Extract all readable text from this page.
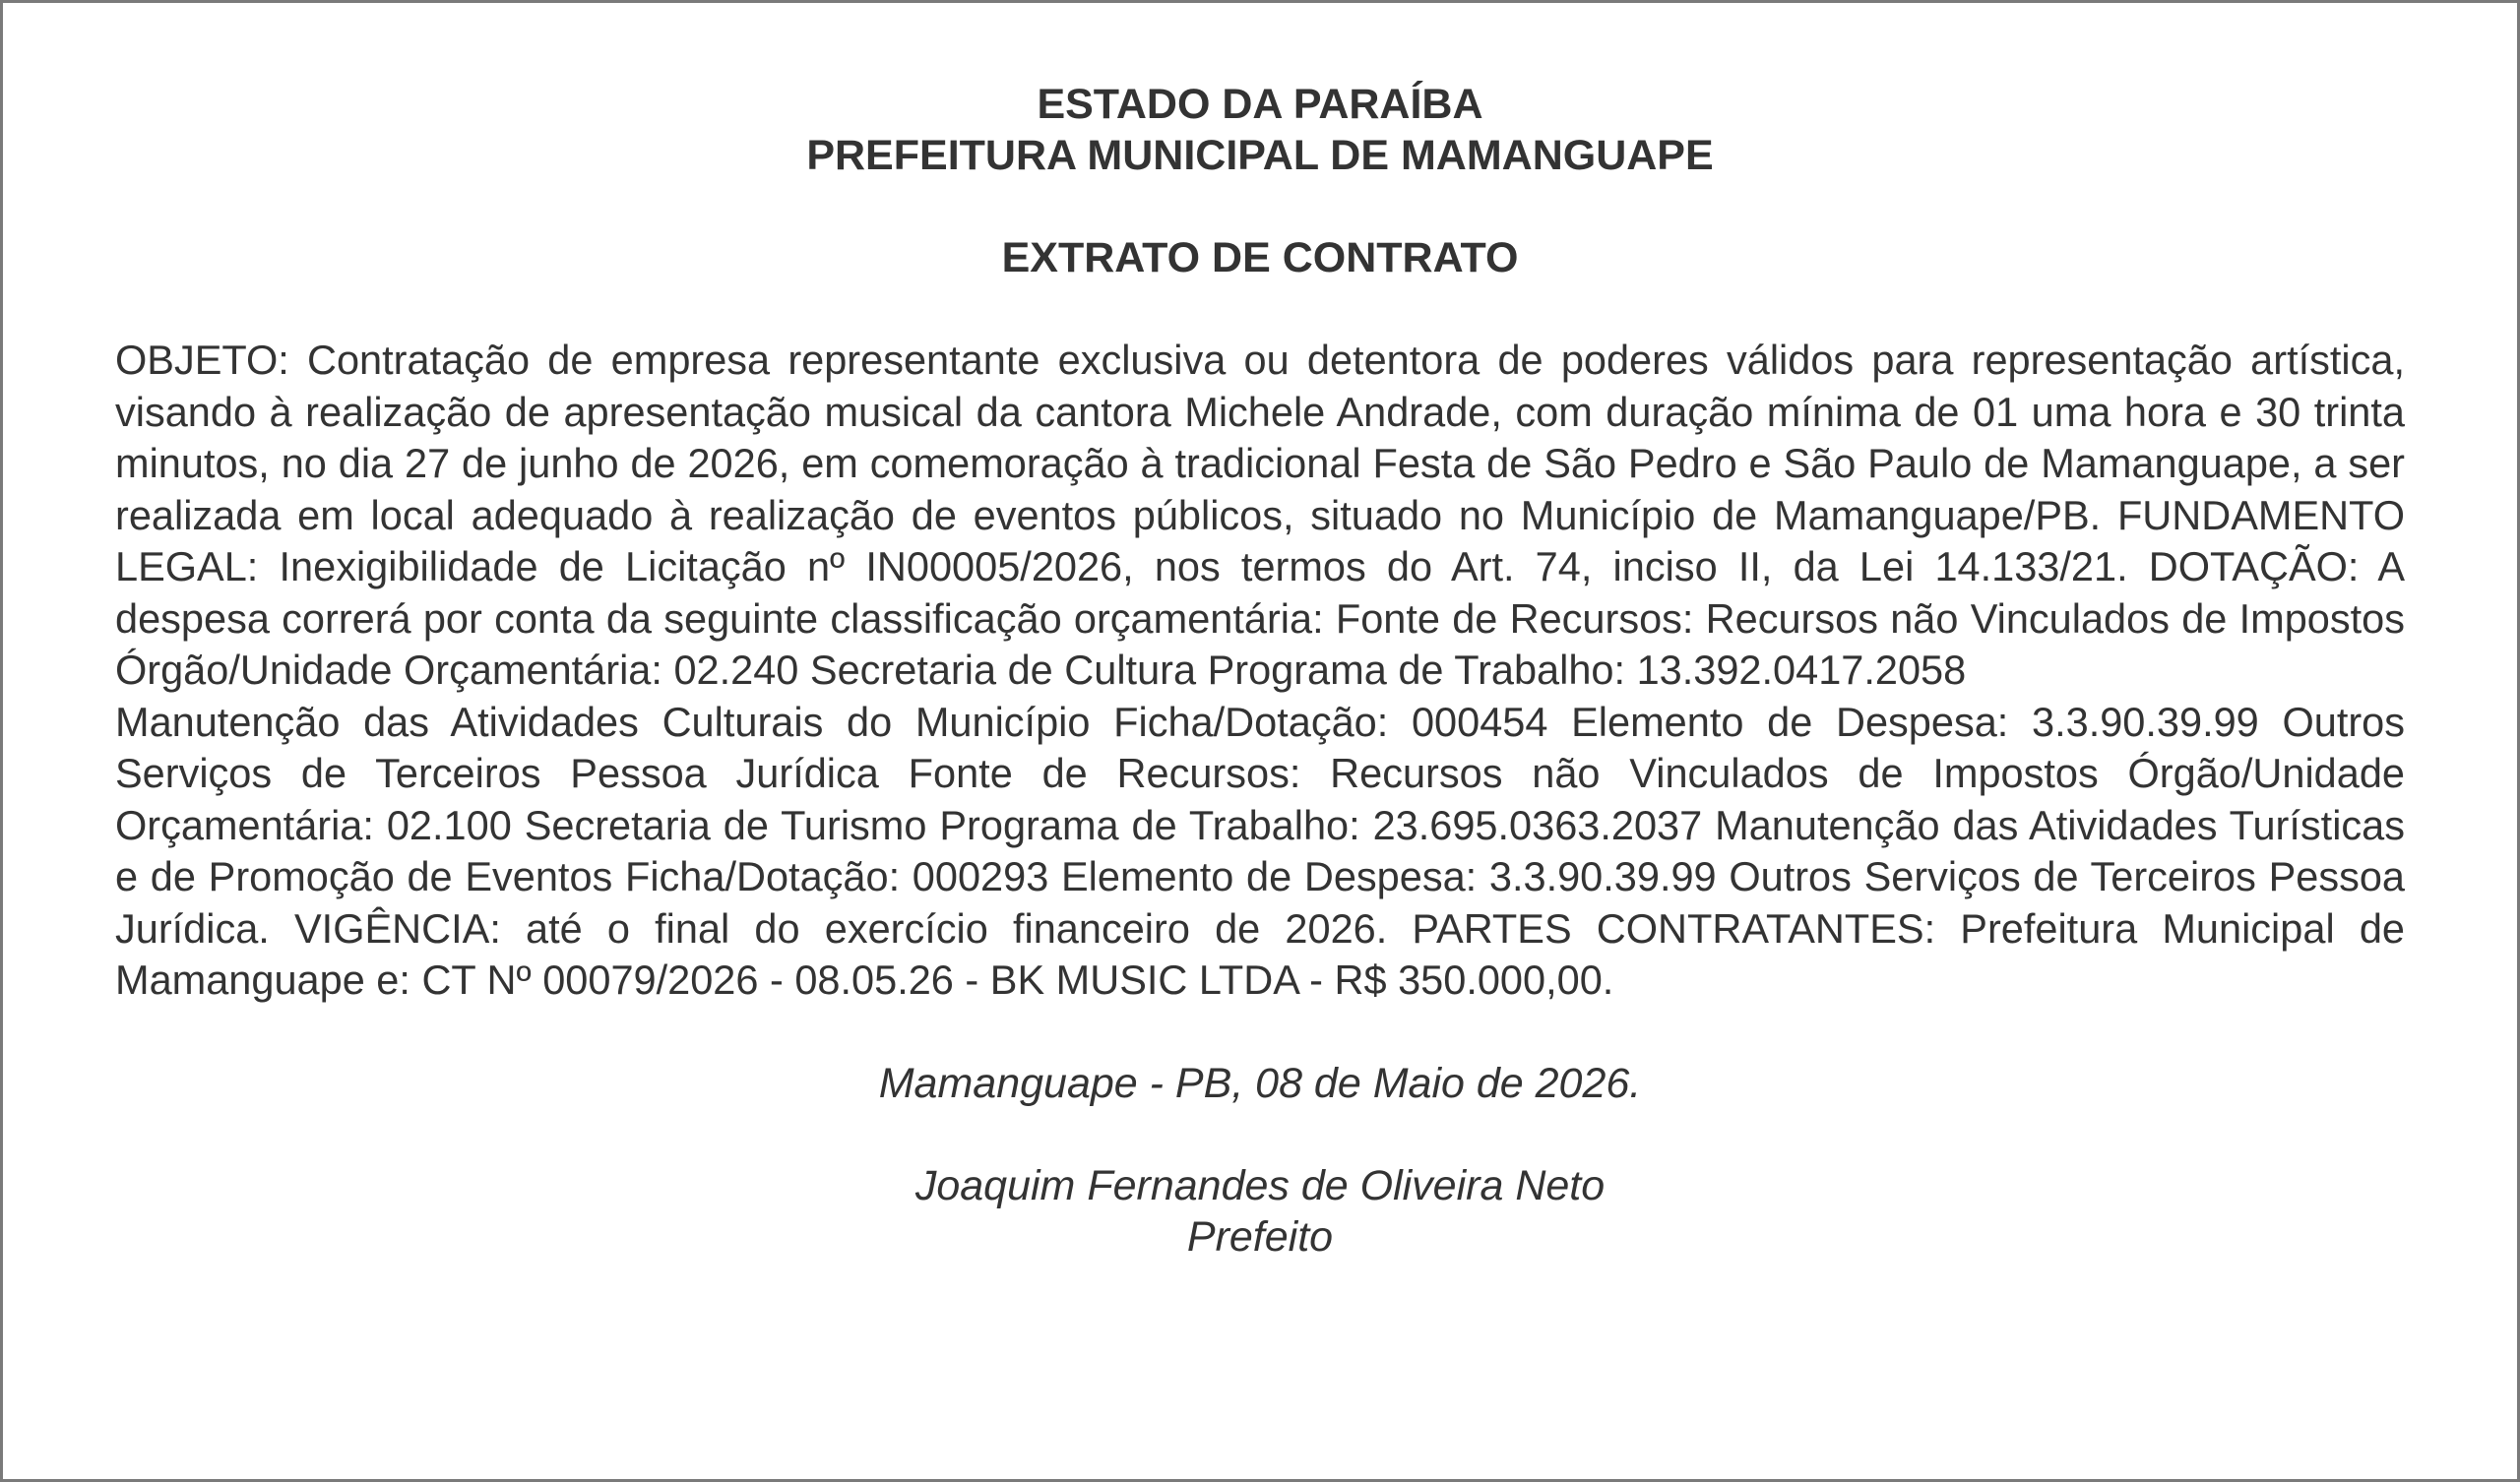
ESTADO DA PARAÍBA
PREFEITURA MUNICIPAL DE MAMANGUAPE
EXTRATO DE CONTRATO

OBJETO: Contratação de empresa representante exclusiva ou detentora de poderes válidos para representação artística, visando à realização de apresentação musical da cantora Michele Andrade, com duração mínima de 01 uma hora e 30 trinta minutos, no dia 27 de junho de 2026, em comemoração à tradicional Festa de São Pedro e São Paulo de Mamanguape, a ser realizada em local adequado à realização de eventos públicos, situado no Município de Mamanguape/PB. FUNDAMENTO LEGAL: Inexigibilidade de Licitação nº IN00005/2026, nos termos do Art. 74, inciso II, da Lei 14.133/21. DOTAÇÃO: A despesa correrá por conta da seguinte classificação orçamentária: Fonte de Recursos: Recursos não Vinculados de Impostos Órgão/Unidade Orçamentária: 02.240 Secretaria de Cultura Programa de Trabalho: 13.392.0417.2058

Manutenção das Atividades Culturais do Município Ficha/Dotação: 000454 Elemento de Despesa: 3.3.90.39.99 Outros Serviços de Terceiros Pessoa Jurídica Fonte de Recursos: Recursos não Vinculados de Impostos Órgão/Unidade Orçamentária: 02.100 Secretaria de Turismo Programa de Trabalho: 23.695.0363.2037 Manutenção das Atividades Turísticas e de Promoção de Eventos Ficha/Dotação: 000293 Elemento de Despesa: 3.3.90.39.99 Outros Serviços de Terceiros Pessoa Jurídica. VIGÊNCIA: até o final do exercício financeiro de 2026. PARTES CONTRATANTES: Prefeitura Municipal de Mamanguape e: CT Nº 00079/2026 - 08.05.26 - BK MUSIC LTDA - R$ 350.000,00.

Mamanguape - PB, 08 de Maio de 2026.
Joaquim Fernandes de Oliveira Neto
Prefeito
